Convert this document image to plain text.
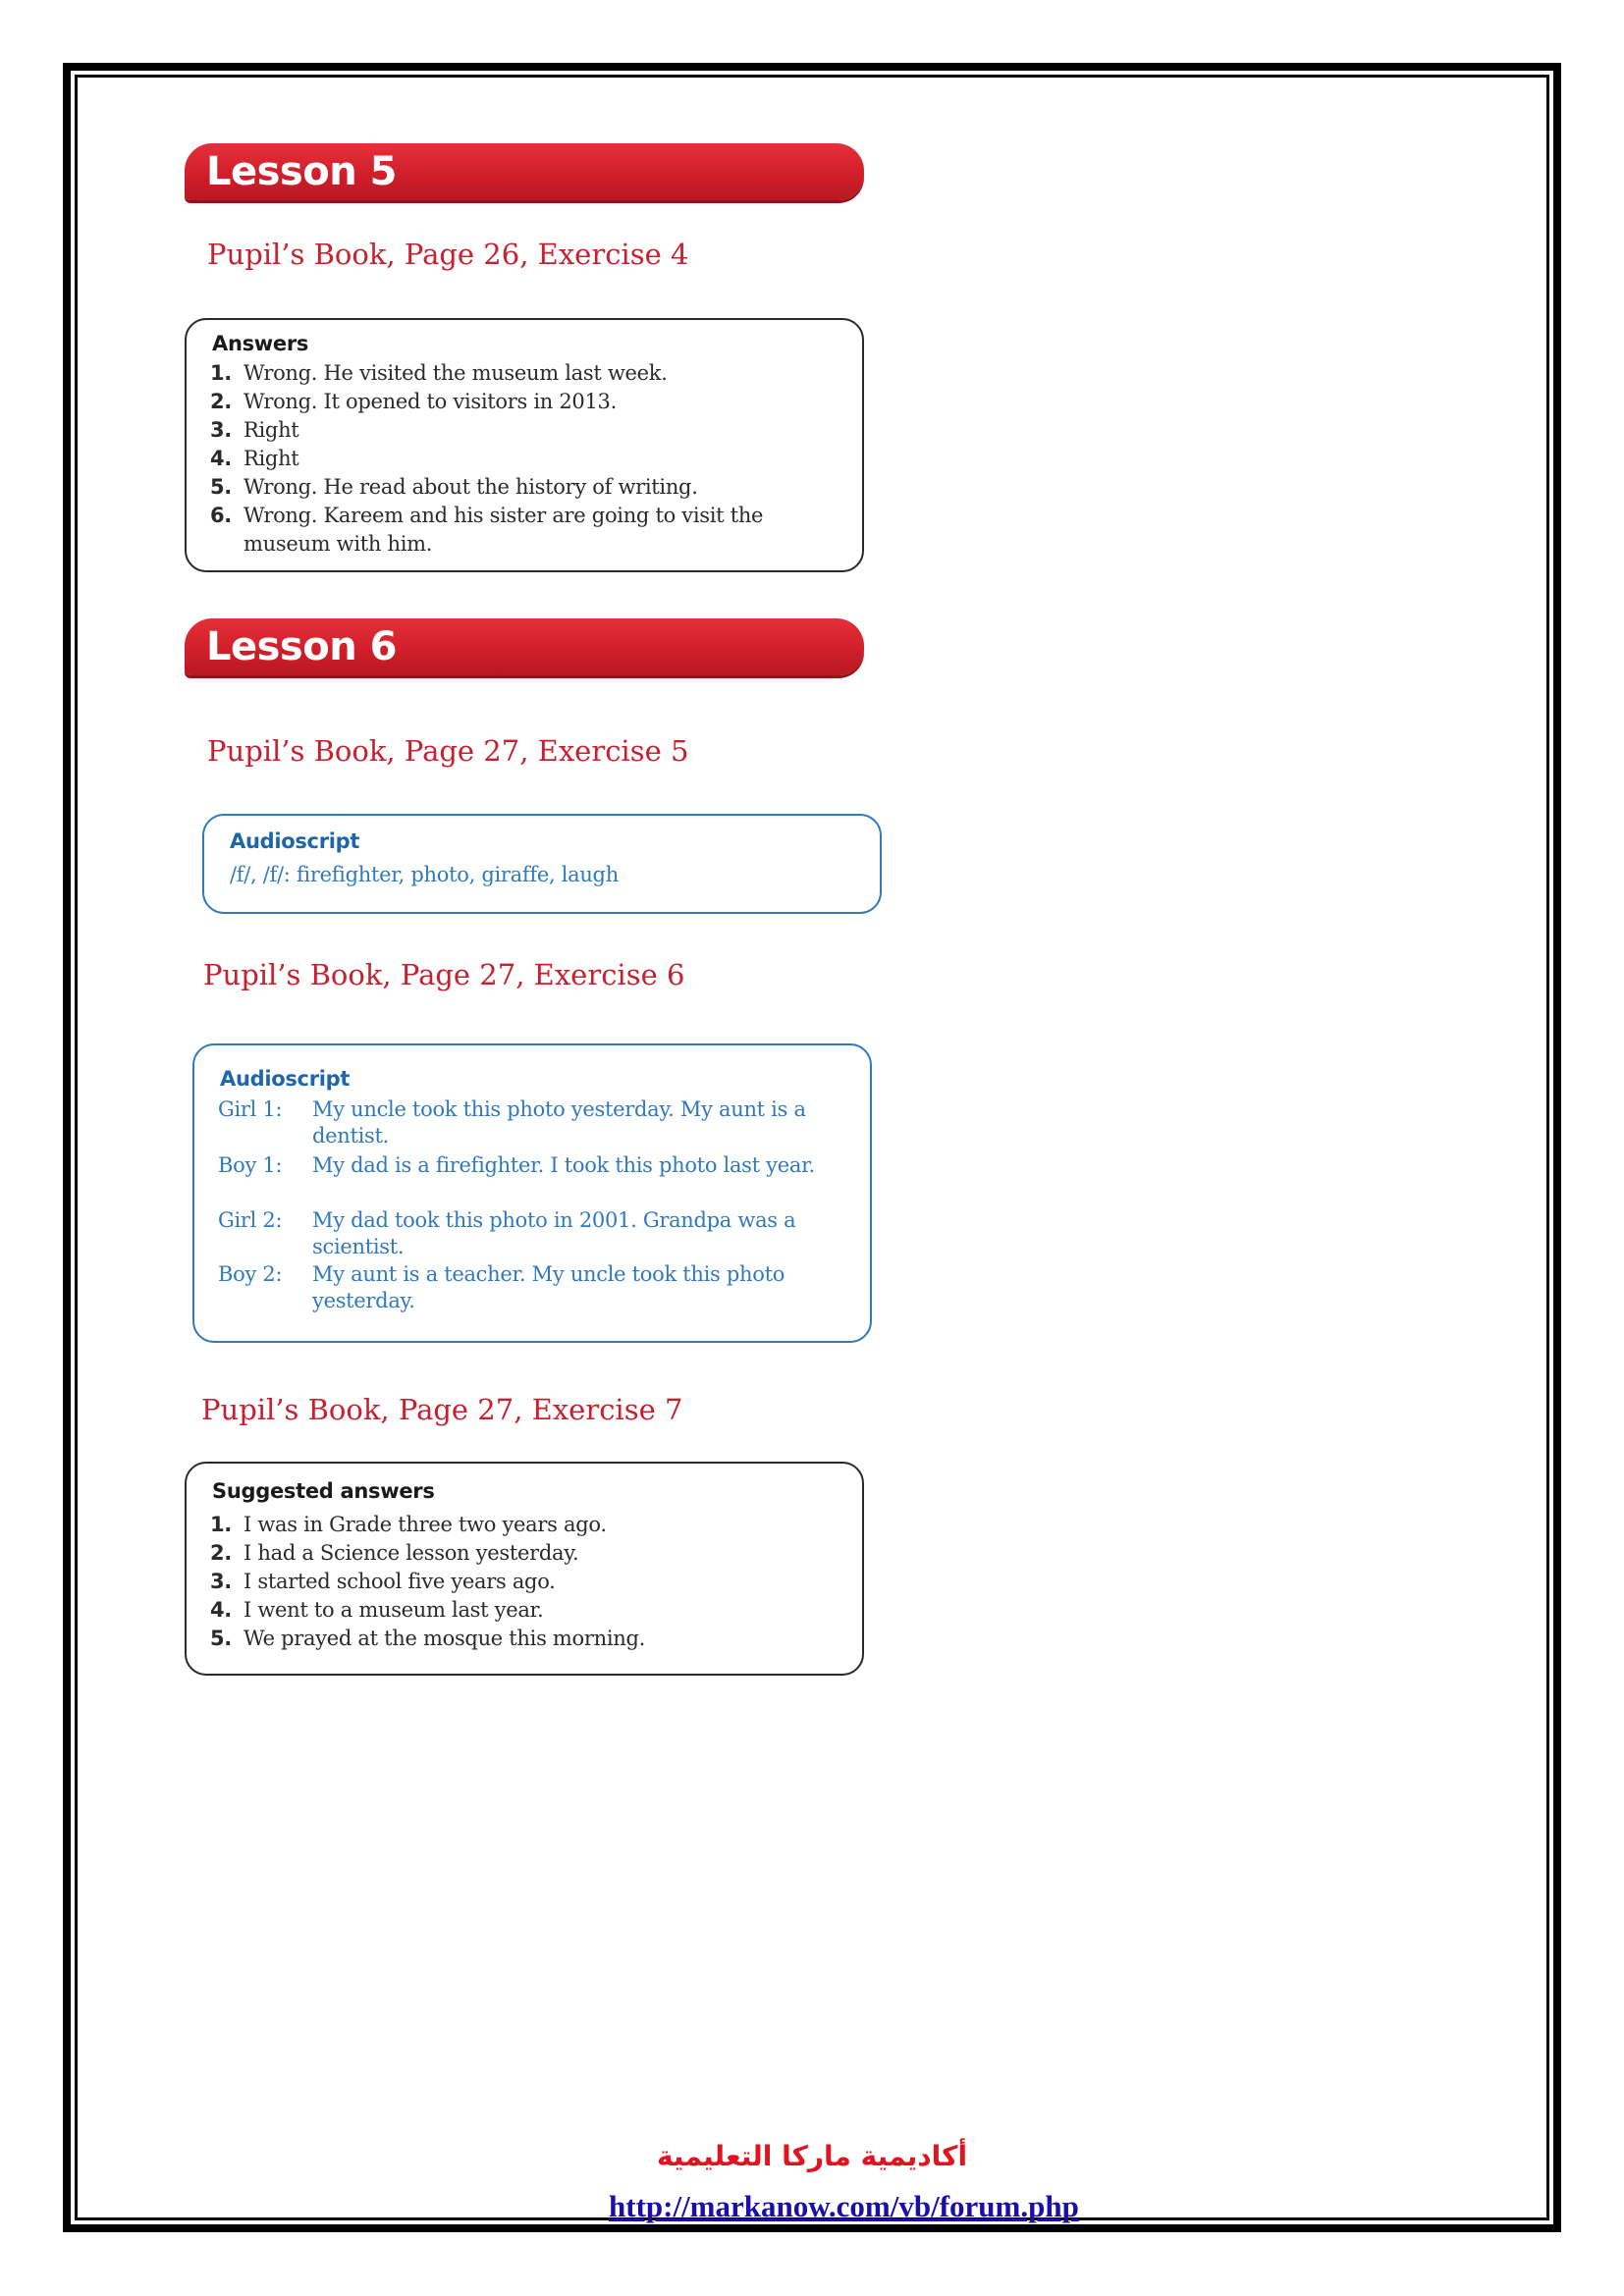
Lesson 5
Pupil’s Book, Page 26, Exercise 4
Answers
1. Wrong. He visited the museum last week.
2. Wrong. It opened to visitors in 2013.
3. Right
4. Right
5. Wrong. He read about the history of writing.
6. Wrong. Kareem and his sister are going to visit the museum with him.
Lesson 6
Pupil’s Book, Page 27, Exercise 5
Audioscript
/f/, /f/: firefighter, photo, giraffe, laugh
Pupil’s Book, Page 27, Exercise 6
Audioscript
Girl 1: My uncle took this photo yesterday. My aunt is a dentist.
Boy 1: My dad is a firefighter. I took this photo last year.
Girl 2: My dad took this photo in 2001. Grandpa was a scientist.
Boy 2: My aunt is a teacher. My uncle took this photo yesterday.
Pupil’s Book, Page 27, Exercise 7
Suggested answers
1. I was in Grade three two years ago.
2. I had a Science lesson yesterday.
3. I started school five years ago.
4. I went to a museum last year.
5. We prayed at the mosque this morning.
أكاديمية ماركا التعليمية
http://markanow.com/vb/forum.php
